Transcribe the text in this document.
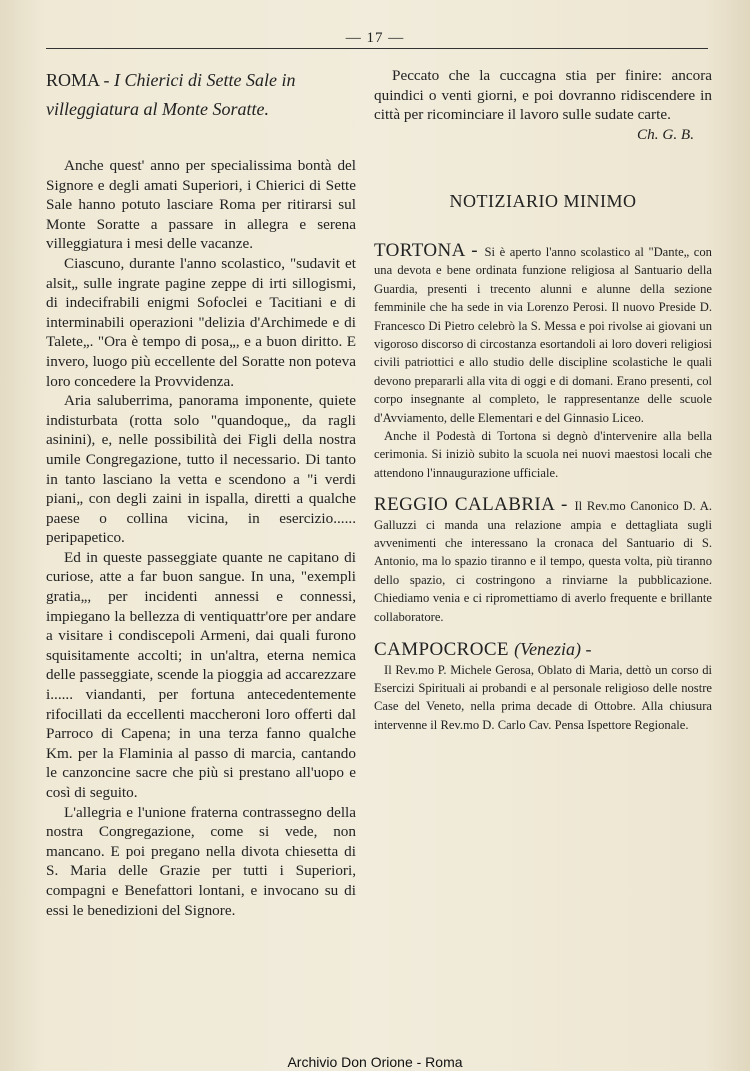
— 17 —
ROMA - I Chierici di Sette Sale in villeggiatura al Monte Soratte.

Anche quest' anno per specialissima bontà del Signore e degli amati Superiori, i Chierici di Sette Sale hanno potuto lasciare Roma per ritirarsi sul Monte Soratte a passare in allegra e serena villeggiatura i mesi delle vacanze.

Ciascuno, durante l'anno scolastico, "sudavit et alsit„ sulle ingrate pagine zeppe di irti sillogismi, di indecifrabili enigmi Sofoclei e Tacitiani e di interminabili operazioni "delizia d'Archimede e di Talete„. "Ora è tempo di posa„, e a buon diritto. E invero, luogo più eccellente del Soratte non poteva loro concedere la Provvidenza.

Aria saluberrima, panorama imponente, quiete indisturbata (rotta solo "quandoque„ da ragli asinini), e, nelle possibilità dei Figli della nostra umile Congregazione, tutto il necessario. Di tanto in tanto lasciano la vetta e scendono a "i verdi piani„ con degli zaini in ispalla, diretti a qualche paese o collina vicina, in esercizio...... peripapetico.

Ed in queste passeggiate quante ne capitano di curiose, atte a far buon sangue. In una, "exempli gratia„, per incidenti annessi e connessi, impiegano la bellezza di ventiquattr'ore per andare a visitare i condiscepoli Armeni, dai quali furono squisitamente accolti; in un'altra, eterna nemica delle passeggiate, scende la pioggia ad accarezzare i...... viandanti, per fortuna antecedentemente rifocillati da eccellenti maccheroni loro offerti dal Parroco di Capena; in una terza fanno qualche Km. per la Flaminia al passo di marcia, cantando le canzoncine sacre che più si prestano all'uopo e così di seguito.

L'allegria e l'unione fraterna contrassegno della nostra Congregazione, come si vede, non mancano. E poi pregano nella divota chiesetta di S. Maria delle Grazie per tutti i Superiori, compagni e Benefattori lontani, e invocano su di essi le benedizioni del Signore.

Peccato che la cuccagna stia per finire: ancora quindici o venti giorni, e poi dovranno ridiscendere in città per ricominciare il lavoro sulle sudate carte.

Ch. G. B.
NOTIZIARIO MINIMO

TORTONA - Si è aperto l'anno scolastico al "Dante„ con una devota e bene ordinata funzione religiosa al Santuario della Guardia, presenti i trecento alunni e alunne della sezione femminile che ha sede in via Lorenzo Perosi. Il nuovo Preside D. Francesco Di Pietro celebrò la S. Messa e poi rivolse ai giovani un vigoroso discorso di circostanza esortandoli ai loro doveri religiosi civili patriottici e allo studio delle discipline scolastiche le quali devono prepararli alla vita di oggi e di domani. Erano presenti, col corpo insegnante al completo, le rappresentanze delle scuole d'Avviamento, delle Elementari e del Ginnasio Liceo.

Anche il Podestà di Tortona si degnò d'intervenire alla bella cerimonia. Si iniziò subito la scuola nei nuovi maestosi locali che attendono l'innaugurazione ufficiale.

REGGIO CALABRIA - Il Rev.mo Canonico D. A. Galluzzi ci manda una relazione ampia e dettagliata sugli avvenimenti che interessano la cronaca del Santuario di S. Antonio, ma lo spazio tiranno e il tempo, questa volta, più tiranno dello spazio, ci costringono a rinviarne la pubblicazione. Chiediamo venia e ci ripromettiamo di averlo frequente e brillante collaboratore.

CAMPOCROCE (Venezia) -

Il Rev.mo P. Michele Gerosa, Oblato di Maria, dettò un corso di Esercizi Spirituali ai probandi e al personale religioso delle nostre Case del Veneto, nella prima decade di Ottobre. Alla chiusura intervenne il Rev.mo D. Carlo Cav. Pensa Ispettore Regionale.

Archivio Don Orione - Roma
